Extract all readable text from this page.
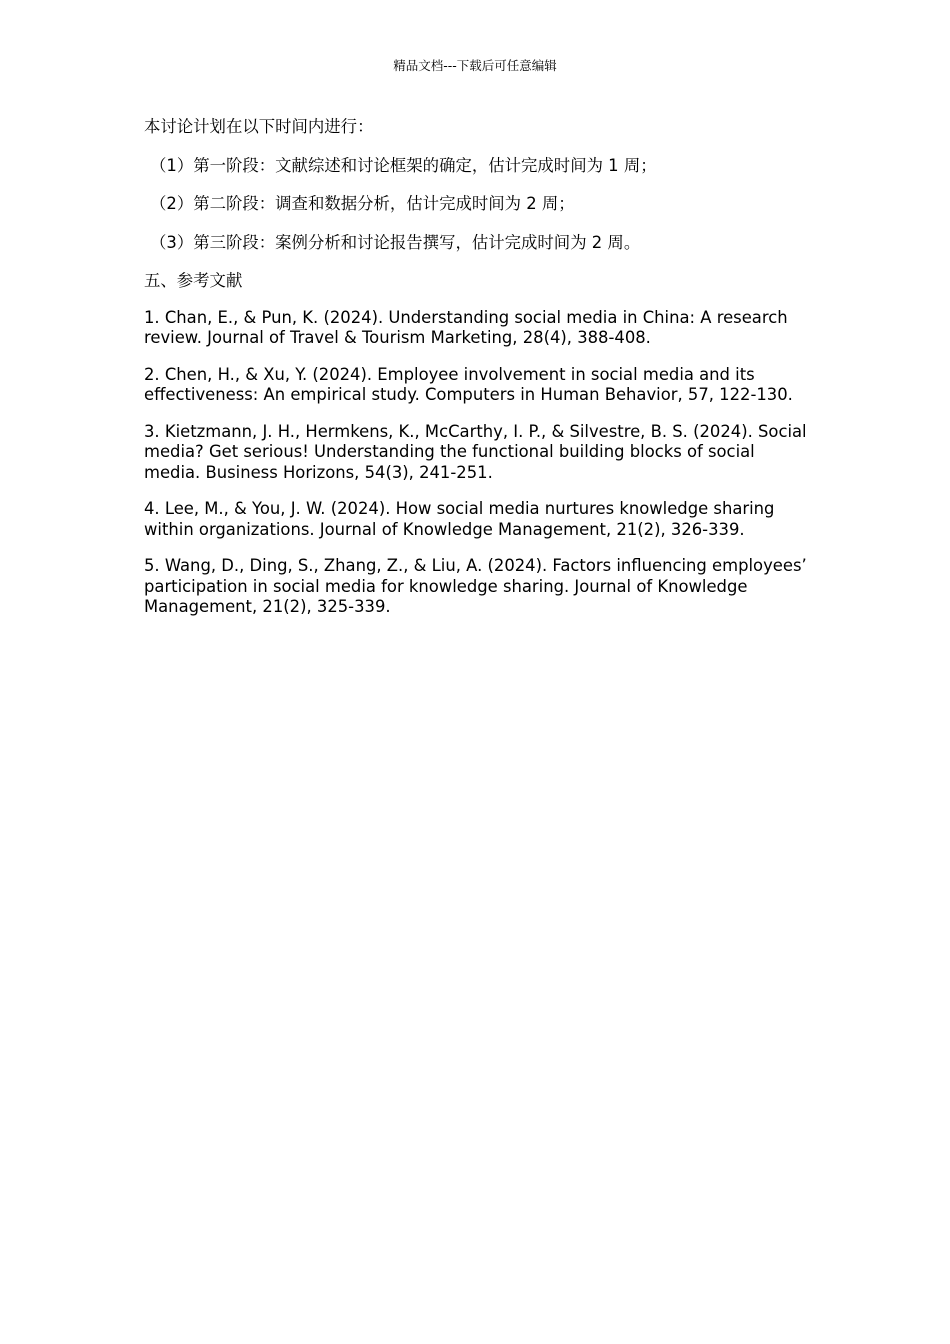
精品文档---下载后可任意编辑

本讨论计划在以下时间内进行：

（1）第一阶段：文献综述和讨论框架的确定，估计完成时间为 1 周；

（2）第二阶段：调查和数据分析，估计完成时间为 2 周；

（3）第三阶段：案例分析和讨论报告撰写，估计完成时间为 2 周。

五、参考文献

1. Chan, E., & Pun, K. (2024). Understanding social media in China: A research review. Journal of Travel & Tourism Marketing, 28(4), 388-408.

2. Chen, H., & Xu, Y. (2024). Employee involvement in social media and its effectiveness: An empirical study. Computers in Human Behavior, 57, 122-130.

3. Kietzmann, J. H., Hermkens, K., McCarthy, I. P., & Silvestre, B. S. (2024). Social media? Get serious! Understanding the functional building blocks of social media. Business Horizons, 54(3), 241-251.

4. Lee, M., & You, J. W. (2024). How social media nurtures knowledge sharing within organizations. Journal of Knowledge Management, 21(2), 326-339.

5. Wang, D., Ding, S., Zhang, Z., & Liu, A. (2024). Factors influencing employees’ participation in social media for knowledge sharing. Journal of Knowledge Management, 21(2), 325-339.
